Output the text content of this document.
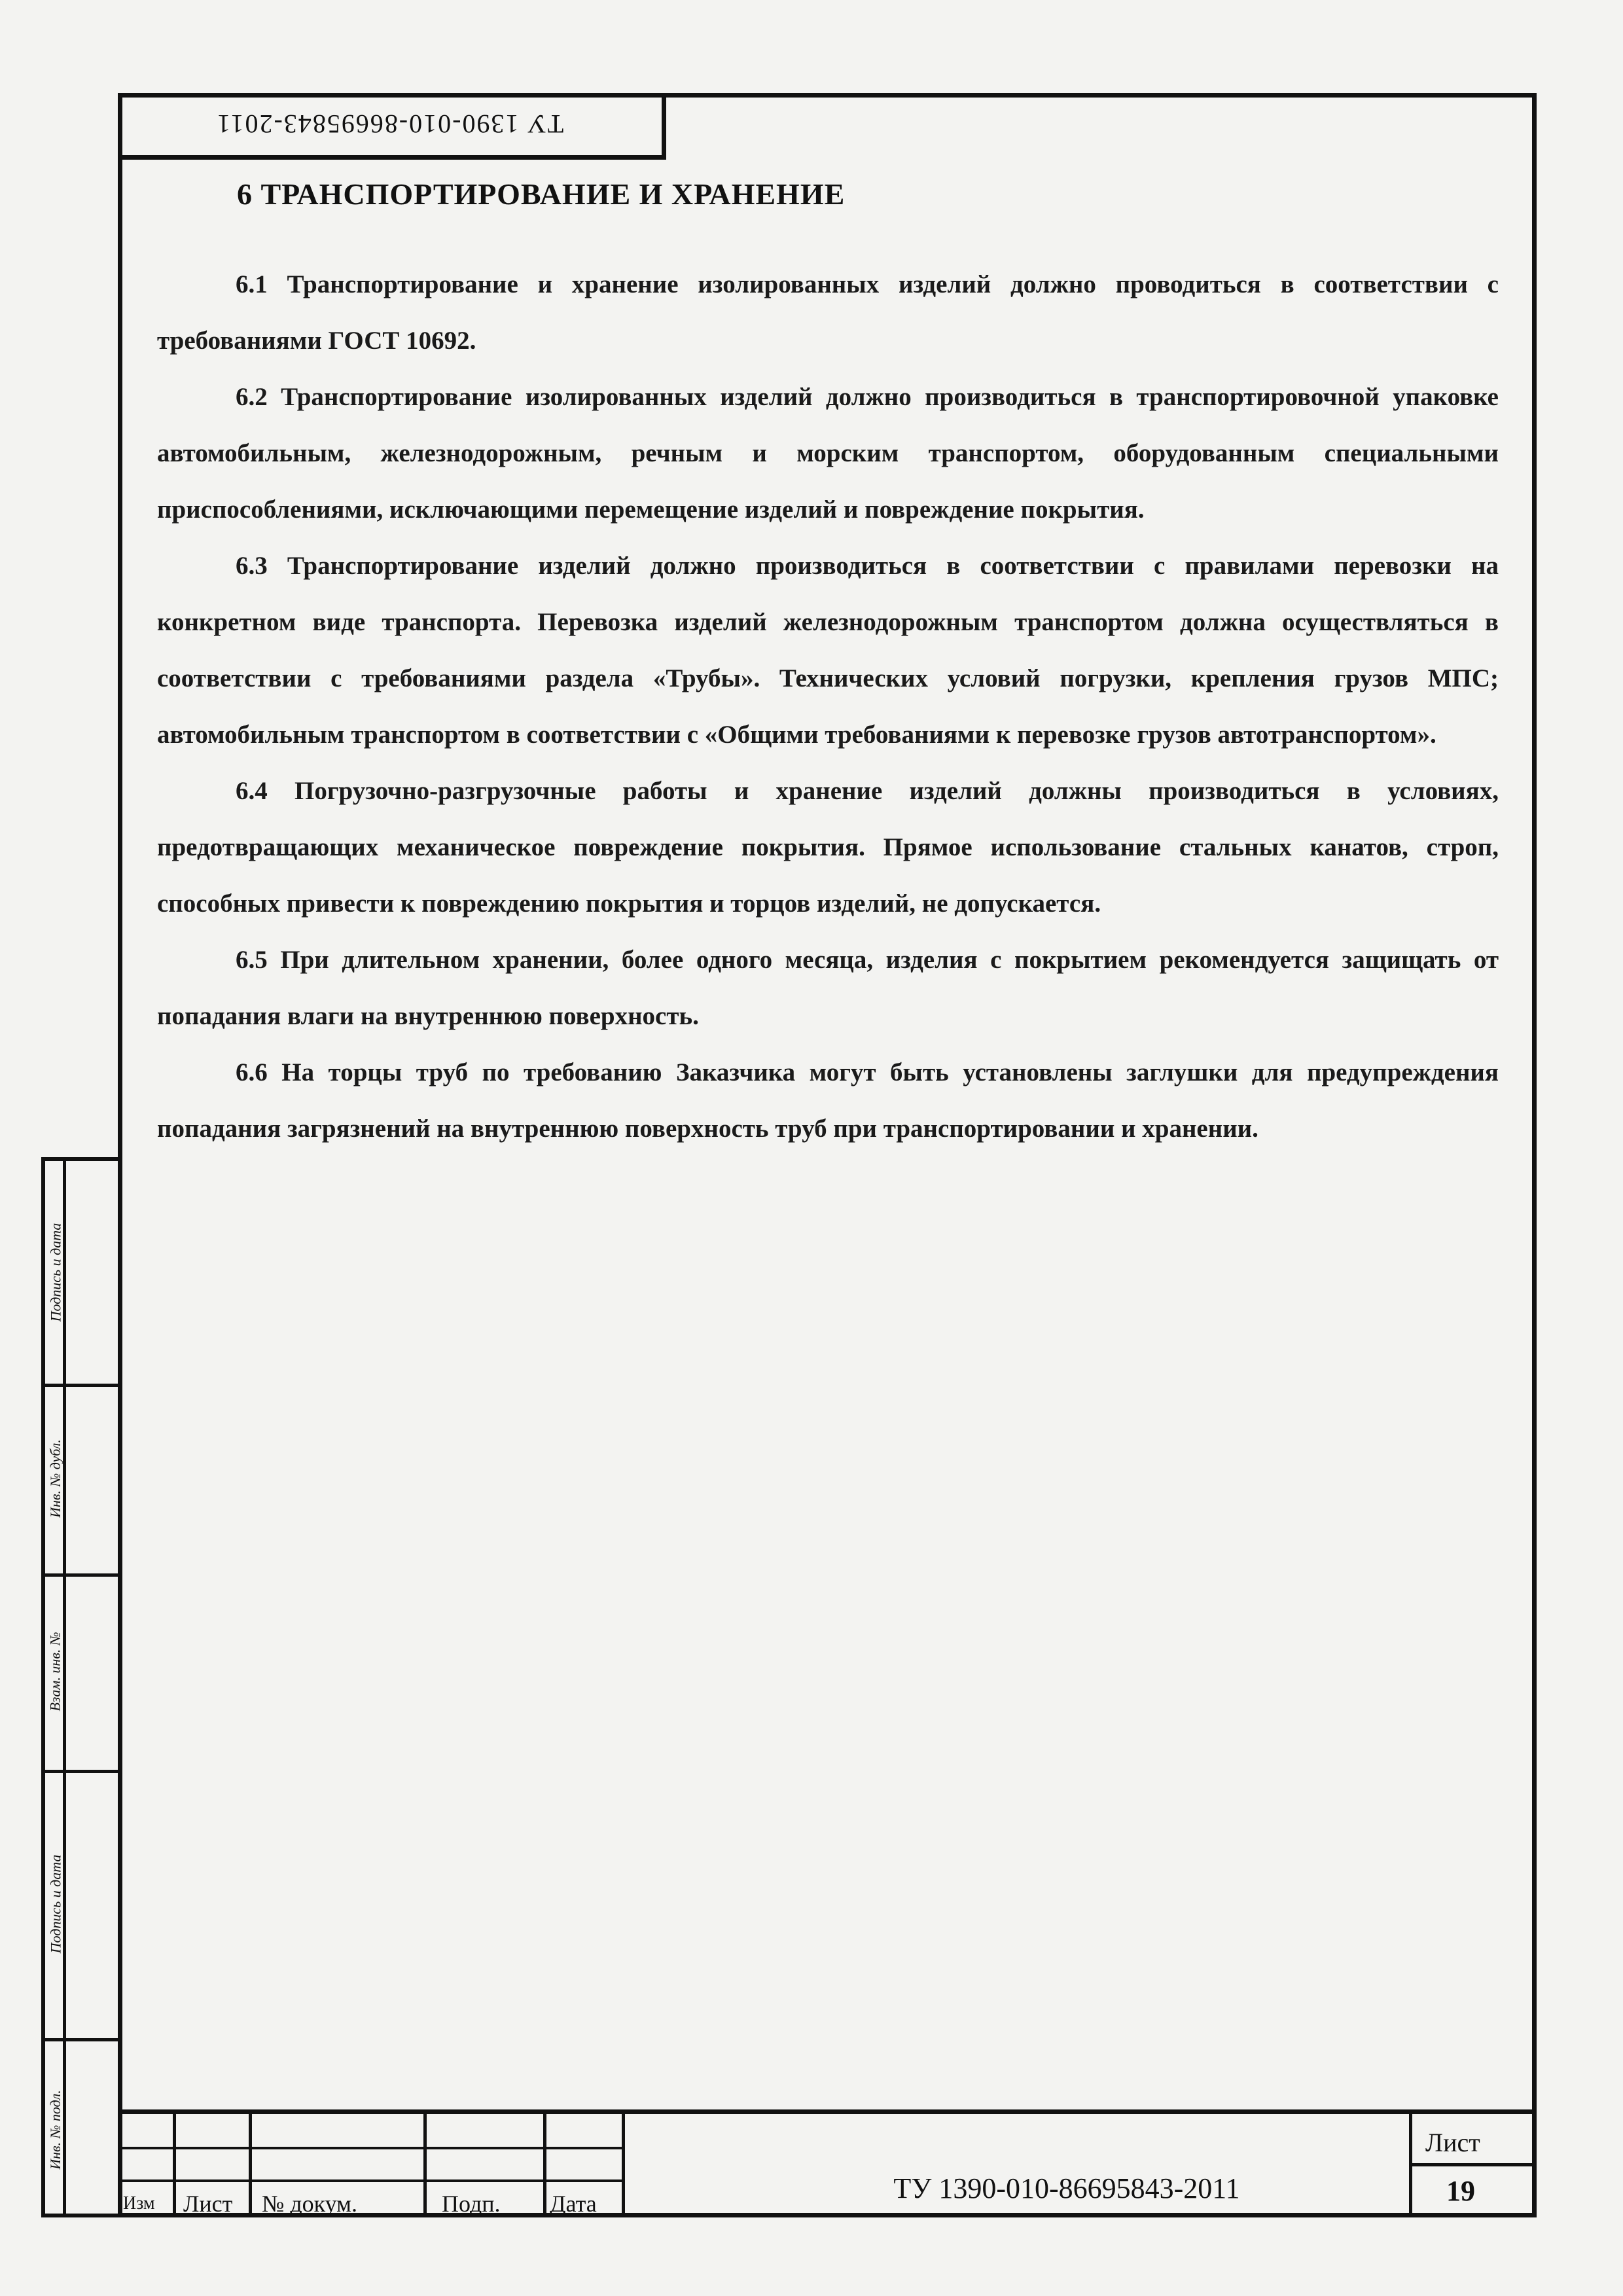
ТУ 1390-010-86695843-2011
6 ТРАНСПОРТИРОВАНИЕ И ХРАНЕНИЕ

6.1 Транспортирование и хранение изолированных изделий должно проводиться в соответствии с требованиями ГОСТ 10692.

6.2 Транспортирование изолированных изделий должно производиться в транспортировочной упаковке автомобильным, железнодорожным, речным и морским транспортом, оборудованным специальными приспособлениями, исключающими перемещение изделий и повреждение покрытия.

6.3 Транспортирование изделий должно производиться в соответствии с правилами перевозки на конкретном виде транспорта. Перевозка изделий железнодорожным транспортом должна осуществляться в соответствии с требованиями раздела «Трубы». Технических условий погрузки, крепления грузов МПС; автомобильным транспортом в соответствии с «Общими требованиями к перевозке грузов автотранспортом».

6.4 Погрузочно-разгрузочные работы и хранение изделий должны производиться в условиях, предотвращающих механическое повреждение покрытия. Прямое использование стальных канатов, строп, способных привести к повреждению покрытия и торцов изделий, не допускается.

6.5 При длительном хранении, более одного месяца, изделия с покрытием рекомендуется защищать от попадания влаги на внутреннюю поверхность.

6.6 На торцы труб по требованию Заказчика могут быть установлены заглушки для предупреждения попадания загрязнений на внутреннюю поверхность труб при транспортировании и хранении.

Подпись и дата
Инв. № дубл.
Взам. инв. №
Подпись и дата
Инв. № подл.
Изм Лист № докум.	Подп. Дата	ТУ 1390-010-86695843-2011
Лист
19
